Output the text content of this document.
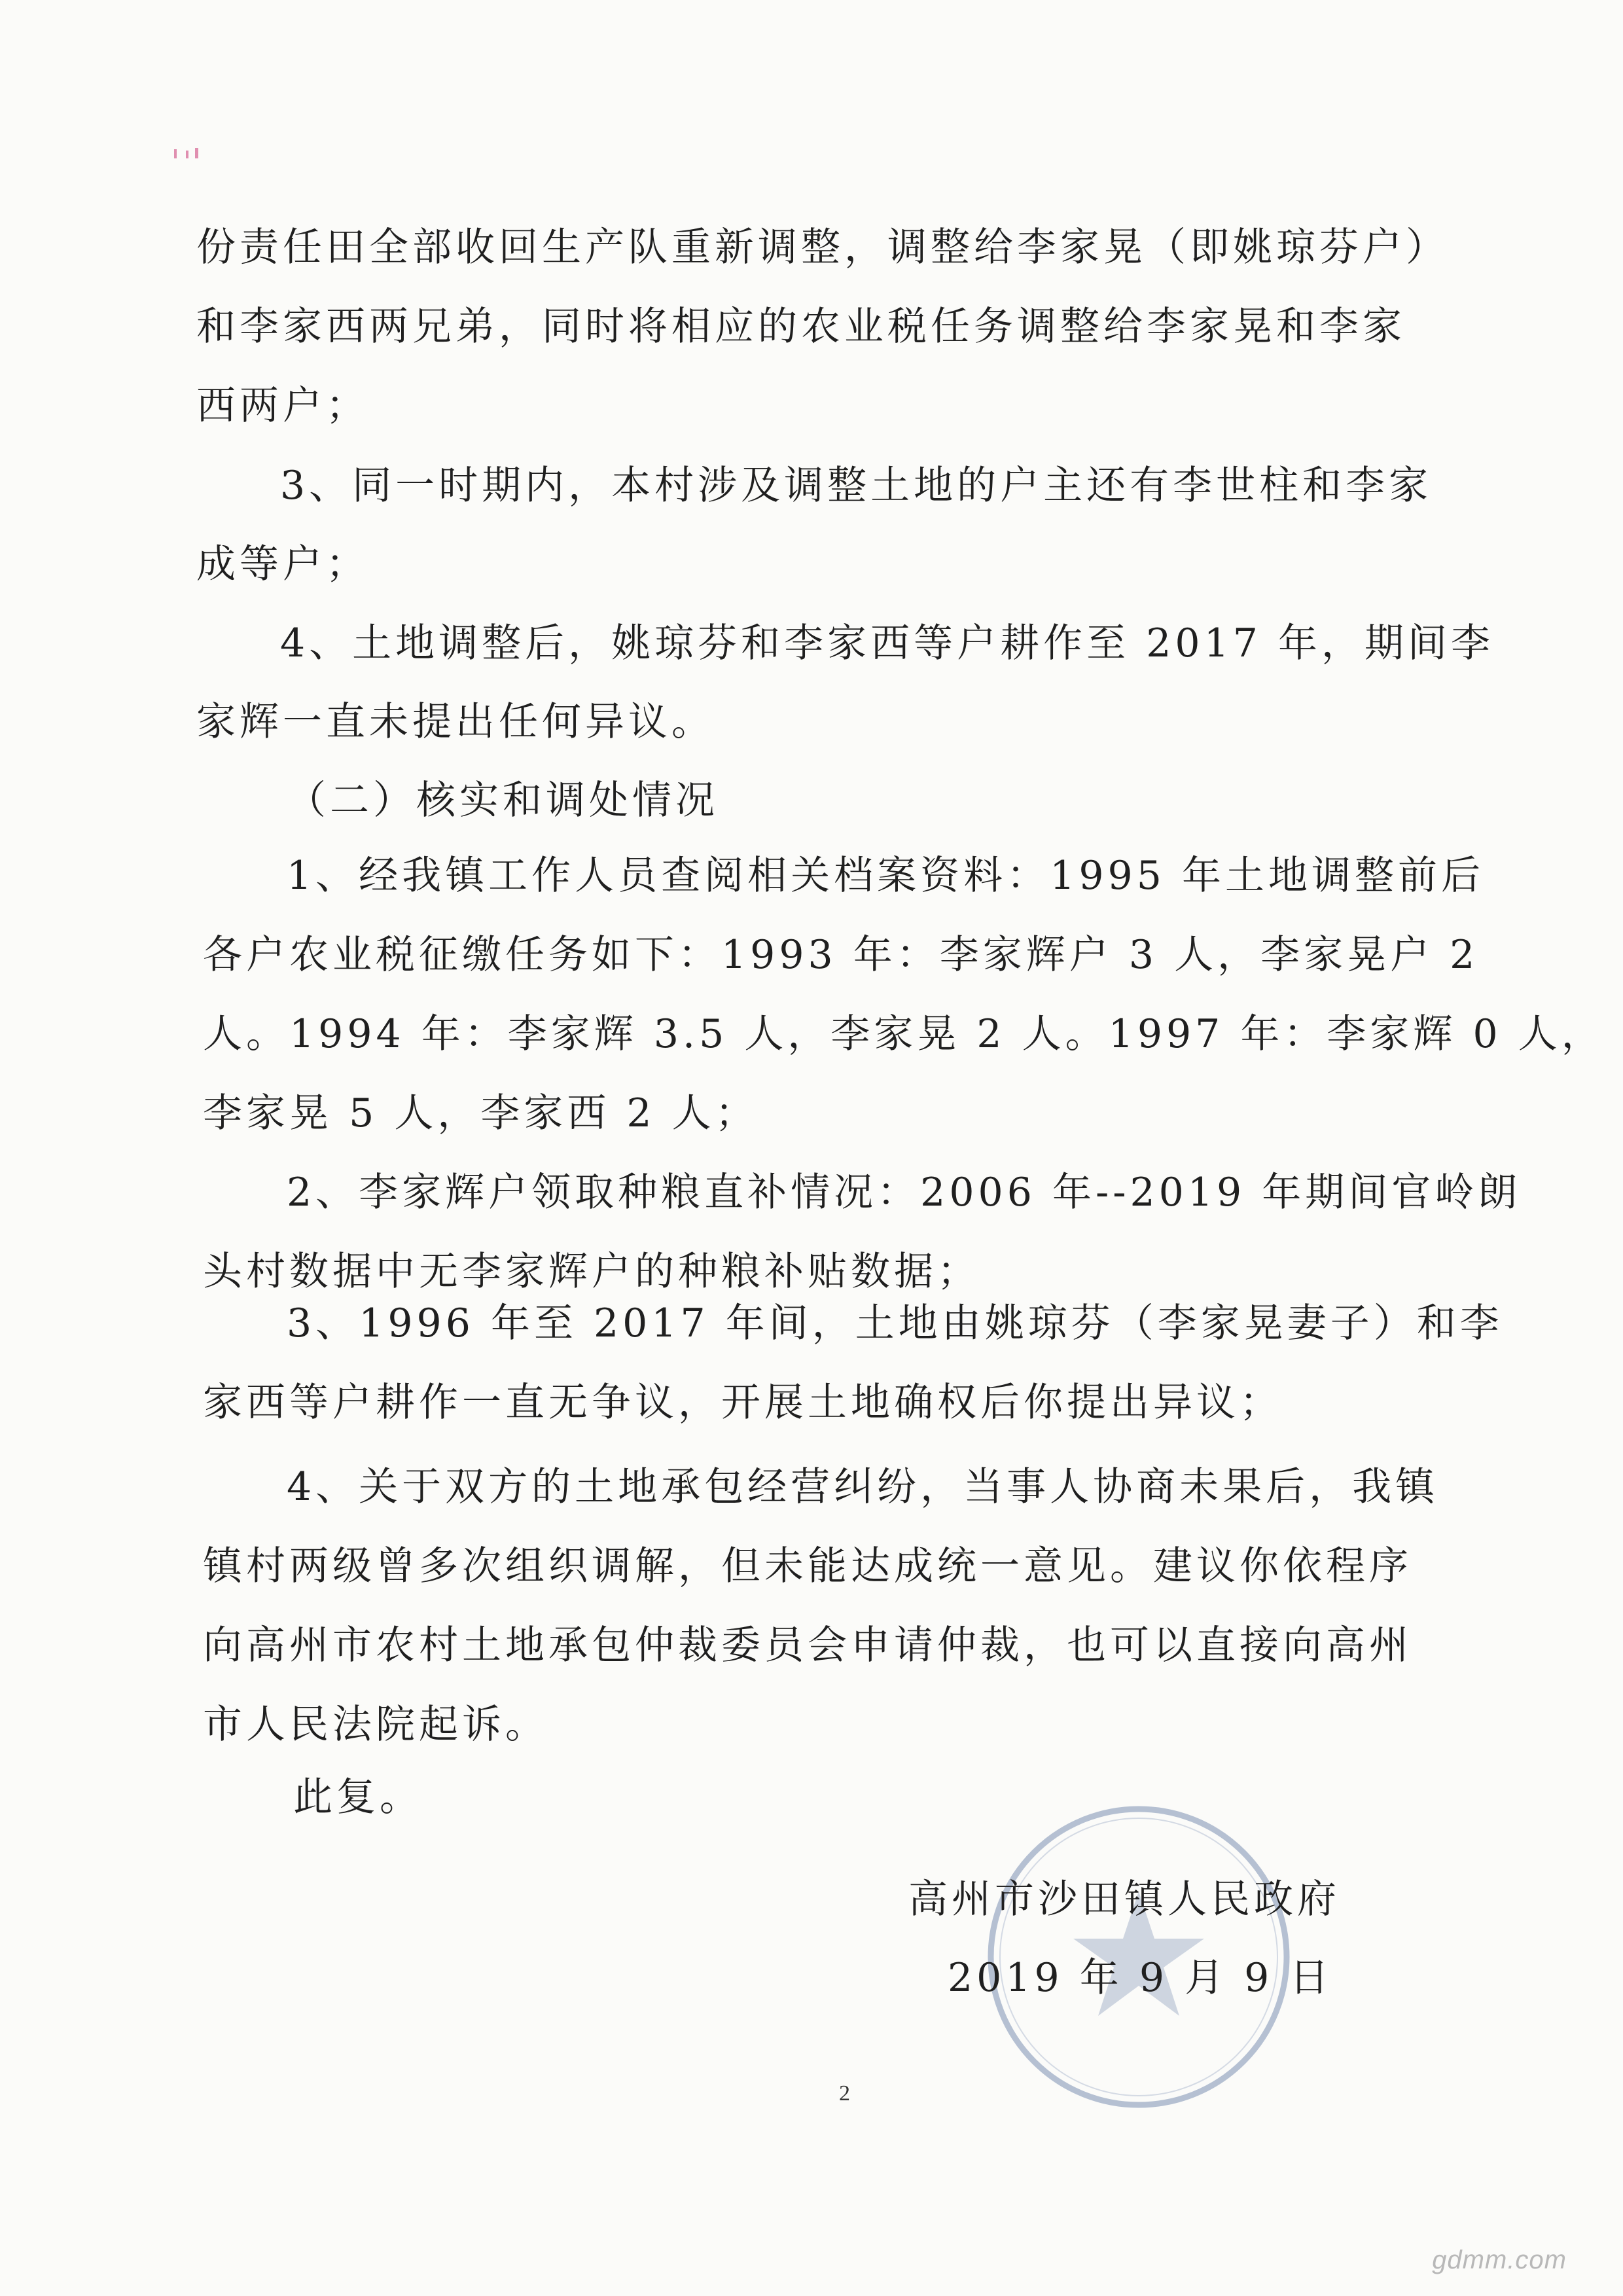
份责任田全部收回生产队重新调整，调整给李家晃（即姚琼芬户）
和李家西两兄弟，同时将相应的农业税任务调整给李家晃和李家
西两户；
3、同一时期内，本村涉及调整土地的户主还有李世柱和李家
成等户；
4、土地调整后，姚琼芬和李家西等户耕作至 2017 年，期间李
家辉一直未提出任何异议。
（二）核实和调处情况
1、经我镇工作人员查阅相关档案资料：1995 年土地调整前后
各户农业税征缴任务如下：1993 年：李家辉户 3 人，李家晃户 2
人。1994 年：李家辉 3.5 人，李家晃 2 人。1997 年：李家辉 0 人，
李家晃 5 人，李家西 2 人；
2、李家辉户领取种粮直补情况：2006 年--2019 年期间官岭朗
头村数据中无李家辉户的种粮补贴数据；
3、1996 年至 2017 年间，土地由姚琼芬（李家晃妻子）和李
家西等户耕作一直无争议，开展土地确权后你提出异议；
4、关于双方的土地承包经营纠纷，当事人协商未果后，我镇
镇村两级曾多次组织调解，但未能达成统一意见。建议你依程序
向高州市农村土地承包仲裁委员会申请仲裁，也可以直接向高州
市人民法院起诉。
此复。
高州市沙田镇人民政府
2019 年 9 月 9 日
2
gdmm.com
